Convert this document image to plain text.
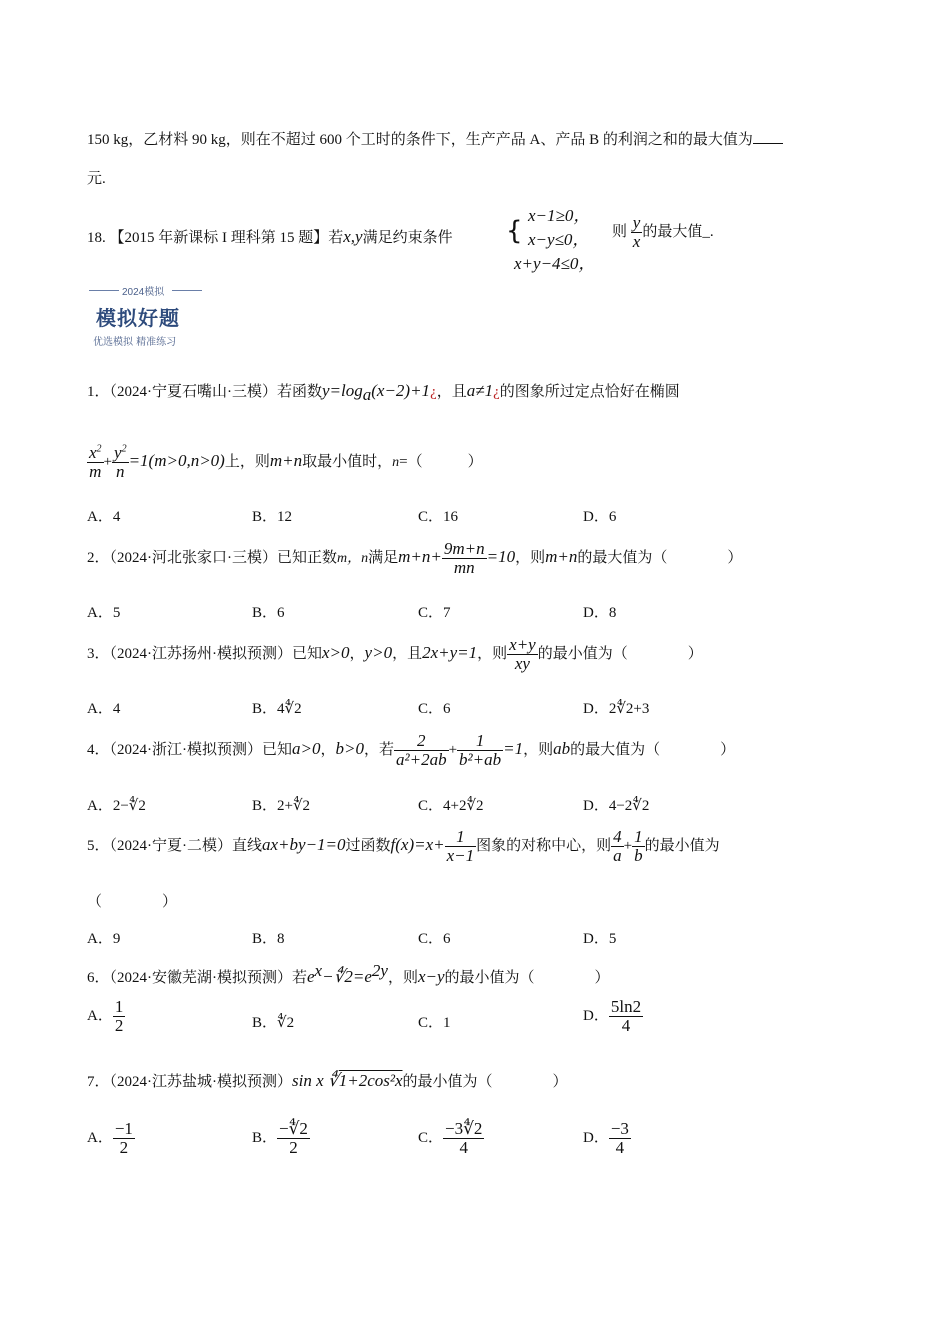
150 kg，乙材料 90 kg，则在不超过 600 个工时的条件下，生产产品 A、产品 B 的利润之和的最大值为
元.
18. 【2015 年新课标 I 理科第 15 题】若x,y满足约束条件 {
x−1≥0，
x−y≤0，
x+y−4≤0，
则 $\frac{y}{x}$ 的最大值_.
2024模拟
模拟好题
优选模拟 精准练习
1．（2024·宁夏石嘴山·三模）若函数$y=\log_a(x-2)+1¿$，且a≠1¿的图象所过定点恰好在椭圆
$\frac{x^2}{m} + \frac{y^2}{n} =1(m>0,n>0)$上，则m+n取最小值时，n=（　　　）
A．4	B．12	C．16	D．6
2．（2024·河北张家口·三模）已知正数m，n满足$m+n+ \frac{9m+n}{mn} =10$，则m+n的最大值为（　　　　）
A．5	B．6	C．7	D．8
3．（2024·江苏扬州·模拟预测）已知x>0，y>0，且2x+y=1，则 $\frac{x+y}{xy}$ 的最小值为（　　　　）
A．4	B．4∜2	C．6	D．2∜2+3
4．（2024·浙江·模拟预测）已知a>0，b>0，若 $\frac{2}{\text{a²+2ab}} + \frac{1}{\text{b²+ab}} =1$，则ab的最大值为（　　　　）
A．2−∜2	B．2+∜2	C．4+2∜2	D．4−2∜2
5．（2024·宁夏·二模）直线ax+by−1=0过函数$f(x)=x+ \frac{1}{x-1}$ 图象的对称中心，则 $\frac{4}{a} + \frac{1}{b}$ 的最小值为
（　　　　）
A．9	B．8	C．6	D．5
6．（2024·安徽芜湖·模拟预测）若$e^x-∜2=e^{2y}$，则x−y的最小值为（　　　　）
A． $\frac{1}{2}$	B．∜2	C．1	D． $\frac{5\ln 2}{4}$
7．（2024·江苏盐城·模拟预测）sin x ∜1+2cos²x的最小值为（　　　　）
A． $\frac{-1}{2}$	B． $\frac{-∜2}{2}$	C． $\frac{-3∜2}{4}$	D． $\frac{-3}{4}$
